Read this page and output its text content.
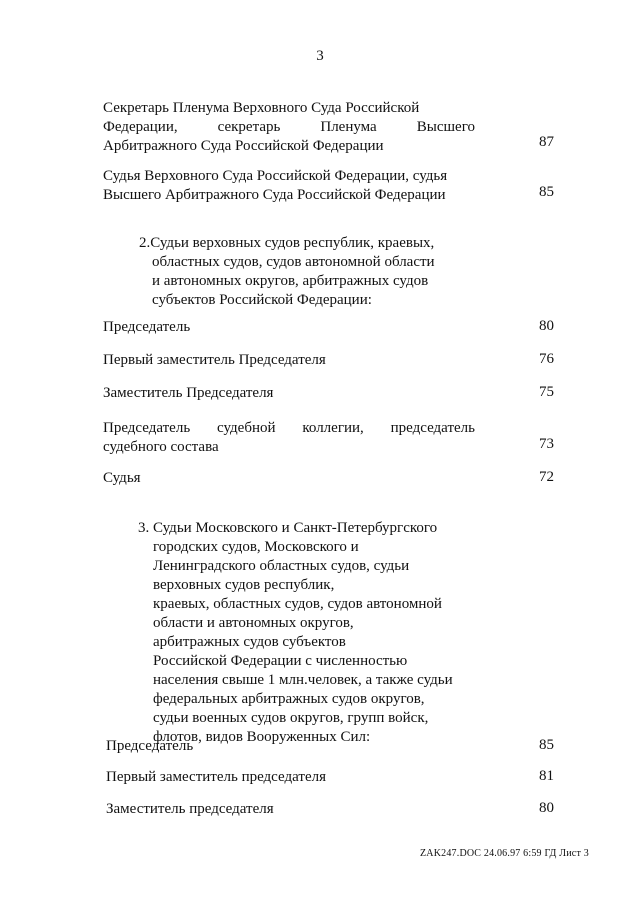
3
Секретарь Пленума Верховного Суда Российской
Федерации, секретарь Пленума Высшего
Арбитражного Суда Российской Федерации	87
Судья Верховного Суда Российской Федерации, судья
Высшего Арбитражного Суда Российской Федерации	85
2.Судьи верховных судов республик, краевых,
областных судов, судов автономной области
и автономных округов, арбитражных судов
субъектов Российской Федерации:
Председатель	80
Первый заместитель Председателя	76
Заместитель Председателя	75
Председатель судебной коллегии, председатель
судебного состава	73
Судья	72
3. Судьи Московского и Санкт-Петербургского
городских судов, Московского и
Ленинградского областных судов, судьи
верховных судов республик,
краевых, областных судов, судов автономной
области и автономных округов,
арбитражных судов субъектов
Российской Федерации с численностью
населения свыше 1 млн.человек, а также судьи
федеральных арбитражных судов округов,
судьи военных судов округов, групп войск,
флотов, видов Вооруженных Сил:
Председатель	85
Первый заместитель председателя	81
Заместитель председателя	80
ZAK247.DOC 24.06.97 6:59 ГД Лист 3
